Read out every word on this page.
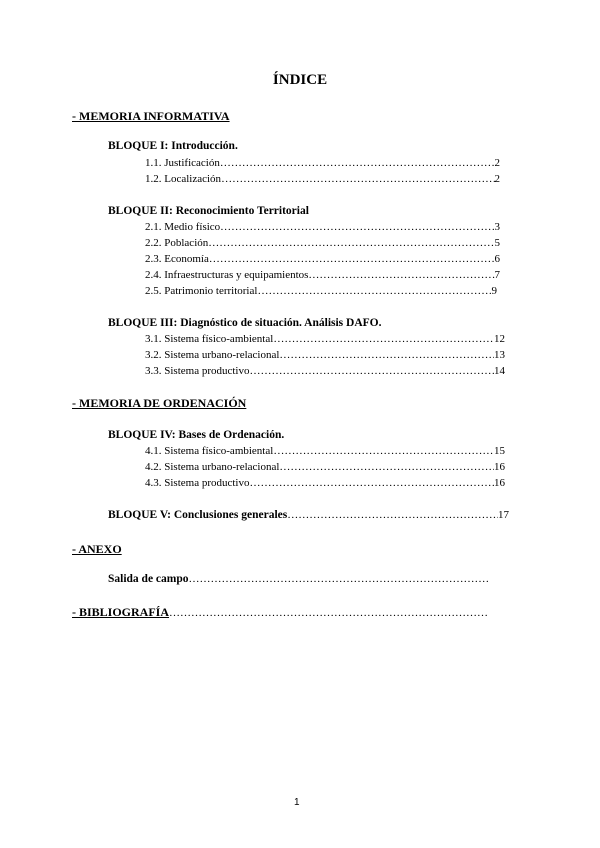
ÍNDICE
- MEMORIA INFORMATIVA
BLOQUE I: Introducción.
1.1. Justificación …………………………………………………………………………………………………………………………………………………………	2
1.2. Localización …………………………………………………………………………………………………………………………………………………………	2
BLOQUE II: Reconocimiento Territorial
2.1. Medio físico …………………………………………………………………………………………………………………………………………………………	3
2.2. Población …………………………………………………………………………………………………………………………………………………………	5
2.3. Economía …………………………………………………………………………………………………………………………………………………………	6
2.4. Infraestructuras y equipamientos …………………………………………………………………………………………………………………………………………………………	7
2.5. Patrimonio territorial …………………………………………………………………………………………………………………………………………………………	9
BLOQUE III: Diagnóstico de situación. Análisis DAFO.
3.1. Sistema físico-ambiental …………………………………………………………………………………………………………………………………………………………	12
3.2. Sistema urbano-relacional …………………………………………………………………………………………………………………………………………………………	13
3.3. Sistema productivo …………………………………………………………………………………………………………………………………………………………	14
- MEMORIA DE ORDENACIÓN
BLOQUE IV: Bases de Ordenación.
4.1. Sistema físico-ambiental …………………………………………………………………………………………………………………………………………………………	15
4.2. Sistema urbano-relacional …………………………………………………………………………………………………………………………………………………………	16
4.3. Sistema productivo …………………………………………………………………………………………………………………………………………………………	16
BLOQUE V: Conclusiones generales …………………………………………………………………………………………………………………………………………………………	17
- ANEXO
Salida de campo
…………………………………………………………………………………………………………………………………………………………
- BIBLIOGRAFÍA
…………………………………………………………………………………………………………………………………………………………
1
